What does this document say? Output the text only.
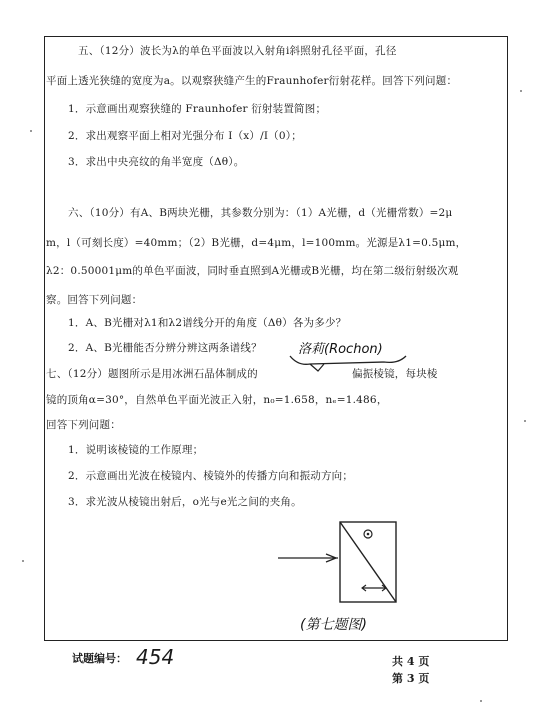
五、（12分）波长为λ的单色平面波以入射角i斜照射孔径平面，孔径
平面上透光狭缝的宽度为a。以观察狭缝产生的Fraunhofer衍射花样。回答下列问题：
1．示意画出观察狭缝的 Fraunhofer 衍射装置简图；
2．求出观察平面上相对光强分布 I（x）/I（0）；
3．求出中央亮纹的角半宽度（Δθ）。
六、（10分）有A、B两块光栅，其参数分别为：（1）A光栅，d（光栅常数）=2μ
m，l（可刻长度）=40mm；（2）B光栅，d=4μm，l=100mm。光源是λ1=0.5μm，
λ2：0.50001μm的单色平面波，同时垂直照到A光栅或B光栅，均在第二级衍射级次观
察。回答下列问题：
1．A、B光栅对λ1和λ2谱线分开的角度（Δθ）各为多少？
2．A、B光栅能否分辨分辨这两条谱线？	洛莉(Rochon)
七、（12分）题图所示是用冰洲石晶体制成的	偏振棱镜，每块棱
镜的顶角α=30°，自然单色平面光波正入射，n₀=1.658，nₑ=1.486，
回答下列问题：
1．说明该棱镜的工作原理；
2．示意画出光波在棱镜内、棱镜外的传播方向和振动方向；
3．求光波从棱镜出射后，o光与e光之间的夹角。
(第七题图)
试题编号： 454	共 4 页
第 3 页
